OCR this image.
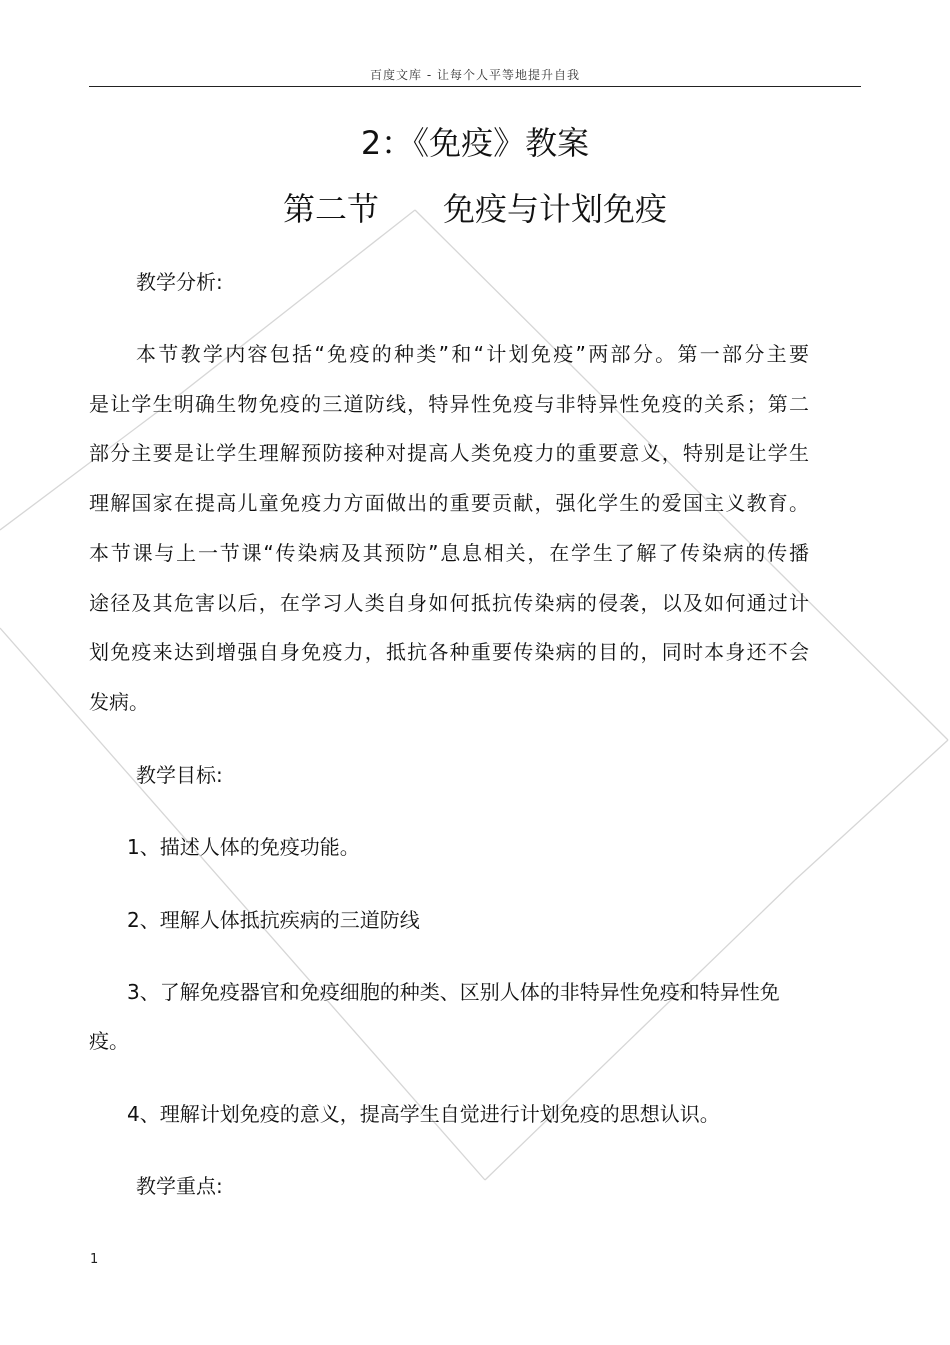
百度文库 - 让每个人平等地提升自我
2：《免疫》教案
第二节 免疫与计划免疫
教学分析:
本节教学内容包括“免疫的种类”和“计划免疫”两部分。第一部分主要
是让学生明确生物免疫的三道防线，特异性免疫与非特异性免疫的关系；第二
部分主要是让学生理解预防接种对提高人类免疫力的重要意义，特别是让学生
理解国家在提高儿童免疫力方面做出的重要贡献，强化学生的爱国主义教育。
本节课与上一节课“传染病及其预防”息息相关，在学生了解了传染病的传播
途径及其危害以后，在学习人类自身如何抵抗传染病的侵袭，以及如何通过计
划免疫来达到增强自身免疫力，抵抗各种重要传染病的目的，同时本身还不会
发病。
教学目标:
1、描述人体的免疫功能。
2、理解人体抵抗疾病的三道防线
3、了解免疫器官和免疫细胞的种类、区别人体的非特异性免疫和特异性免
疫。
4、理解计划免疫的意义，提高学生自觉进行计划免疫的思想认识。
教学重点:
1
